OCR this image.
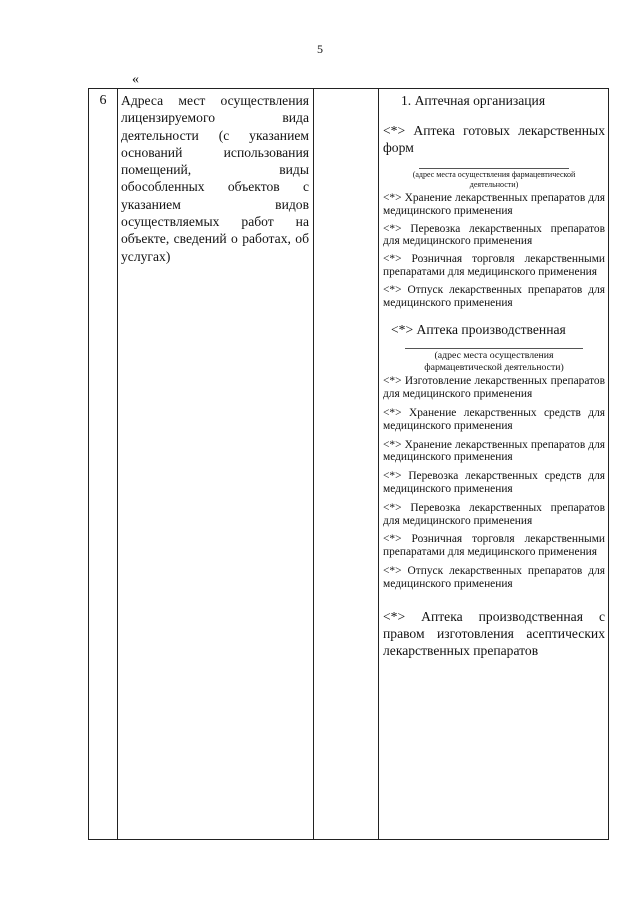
5
«
6	Адреса мест осуществления лицензируемого вида деятельности (с указанием оснований использования помещений, виды обособленных объектов с указанием видов осуществляемых работ на объекте, сведений о работах, об услугах)
1. Аптечная организация
<*> Аптека готовых лекарственных форм
(адрес места осуществления фармацевтической деятельности)
<*> Хранение лекарственных препаратов для медицинского применения
<*> Перевозка лекарственных препаратов для медицинского применения
<*> Розничная торговля лекарственными препаратами для медицинского применения
<*> Отпуск лекарственных препаратов для медицинского применения
<*> Аптека производственная
(адрес места осуществления фармацевтической деятельности)
<*> Изготовление лекарственных препаратов для медицинского применения
<*> Хранение лекарственных средств для медицинского применения
<*> Хранение лекарственных препаратов для медицинского применения
<*> Перевозка лекарственных средств для медицинского применения
<*> Перевозка лекарственных препаратов для медицинского применения
<*> Розничная торговля лекарственными препаратами для медицинского применения
<*> Отпуск лекарственных препаратов для медицинского применения
<*> Аптека производственная с правом изготовления асептических лекарственных препаратов
